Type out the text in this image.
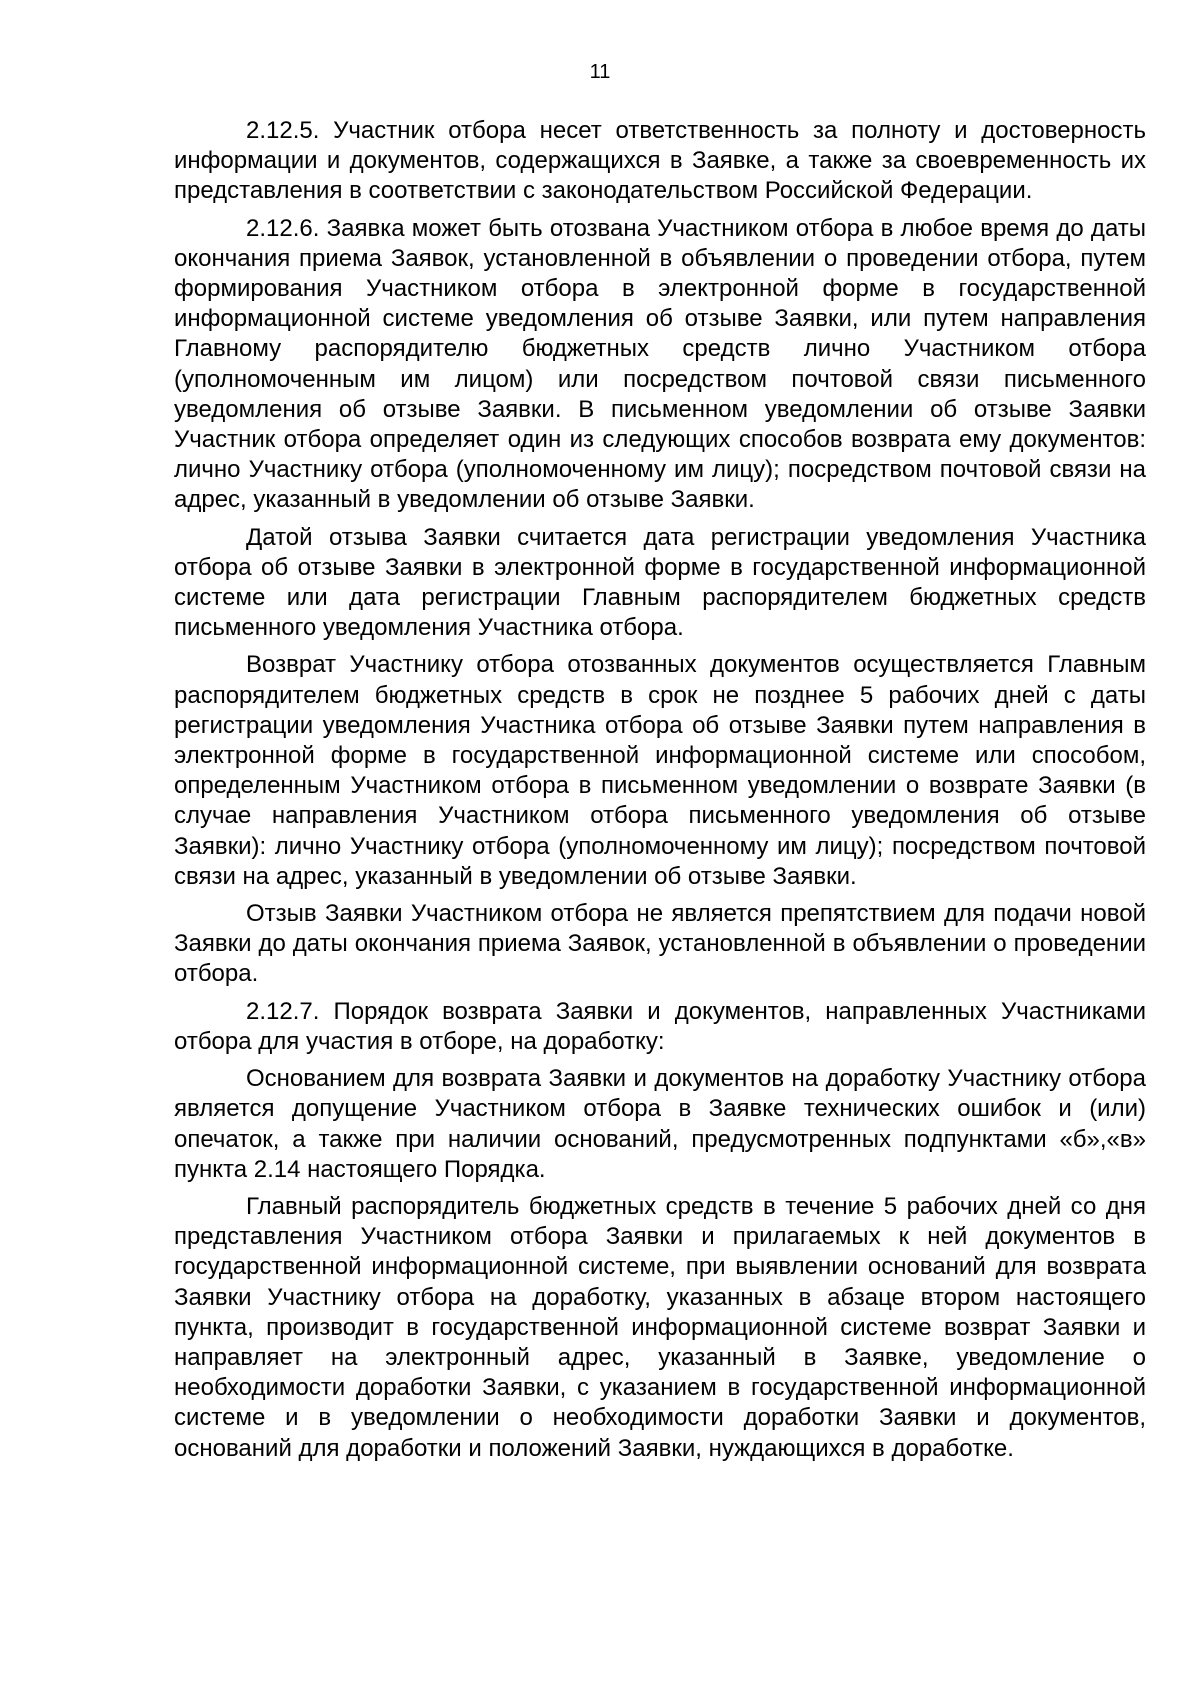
11

2.12.5. Участник отбора несет ответственность за полноту и достоверность информации и документов, содержащихся в Заявке, а также за своевременность их представления в соответствии с законодательством Российской Федерации.

2.12.6. Заявка может быть отозвана Участником отбора в любое время до даты окончания приема Заявок, установленной в объявлении о проведении отбора, путем формирования Участником отбора в электронной форме в государственной информационной системе уведомления об отзыве Заявки, или путем направления Главному распорядителю бюджетных средств лично Участником отбора (уполномоченным им лицом) или посредством почтовой связи письменного уведомления об отзыве Заявки. В письменном уведомлении об отзыве Заявки Участник отбора определяет один из следующих способов возврата ему документов: лично Участнику отбора (уполномоченному им лицу); посредством почтовой связи на адрес, указанный в уведомлении об отзыве Заявки.

Датой отзыва Заявки считается дата регистрации уведомления Участника отбора об отзыве Заявки в электронной форме в государственной информационной системе или дата регистрации Главным распорядителем бюджетных средств письменного уведомления Участника отбора.

Возврат Участнику отбора отозванных документов осуществляется Главным распорядителем бюджетных средств в срок не позднее 5 рабочих дней с даты регистрации уведомления Участника отбора об отзыве Заявки путем направления в электронной форме в государственной информационной системе или способом, определенным Участником отбора в письменном уведомлении о возврате Заявки (в случае направления Участником отбора письменного уведомления об отзыве Заявки): лично Участнику отбора (уполномоченному им лицу); посредством почтовой связи на адрес, указанный в уведомлении об отзыве Заявки.

Отзыв Заявки Участником отбора не является препятствием для подачи новой Заявки до даты окончания приема Заявок, установленной в объявлении о проведении отбора.

2.12.7. Порядок возврата Заявки и документов, направленных Участниками отбора для участия в отборе, на доработку:

Основанием для возврата Заявки и документов на доработку Участнику отбора является допущение Участником отбора в Заявке технических ошибок и (или) опечаток, а также при наличии оснований, предусмотренных подпунктами «б»,«в» пункта 2.14 настоящего Порядка.

Главный распорядитель бюджетных средств в течение 5 рабочих дней со дня представления Участником отбора Заявки и прилагаемых к ней документов в государственной информационной системе, при выявлении оснований для возврата Заявки Участнику отбора на доработку, указанных в абзаце втором настоящего пункта, производит в государственной информационной системе возврат Заявки и направляет на электронный адрес, указанный в Заявке, уведомление о необходимости доработки Заявки, с указанием в государственной информационной системе и в уведомлении о необходимости доработки Заявки и документов, оснований для доработки и положений Заявки, нуждающихся в доработке.
